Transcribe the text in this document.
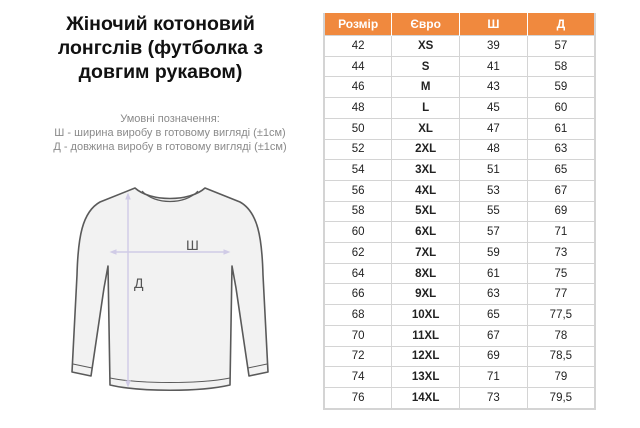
Жіночий котоновий
лонгслів (футболка з
довгим рукавом)
Умовні позначення:
Ш - ширина виробу в готовому вигляді (±1см)
Д - довжина виробу в готовому вигляді (±1см)
Ш
Д
Розмір	Євро	Ш	Д
42	XS	39	57
44	S	41	58
46	M	43	59
48	L	45	60
50	XL	47	61
52	2XL	48	63
54	3XL	51	65
56	4XL	53	67
58	5XL	55	69
60	6XL	57	71
62	7XL	59	73
64	8XL	61	75
66	9XL	63	77
68	10XL	65	77,5
70	11XL	67	78
72	12XL	69	78,5
74	13XL	71	79
76	14XL	73	79,5
